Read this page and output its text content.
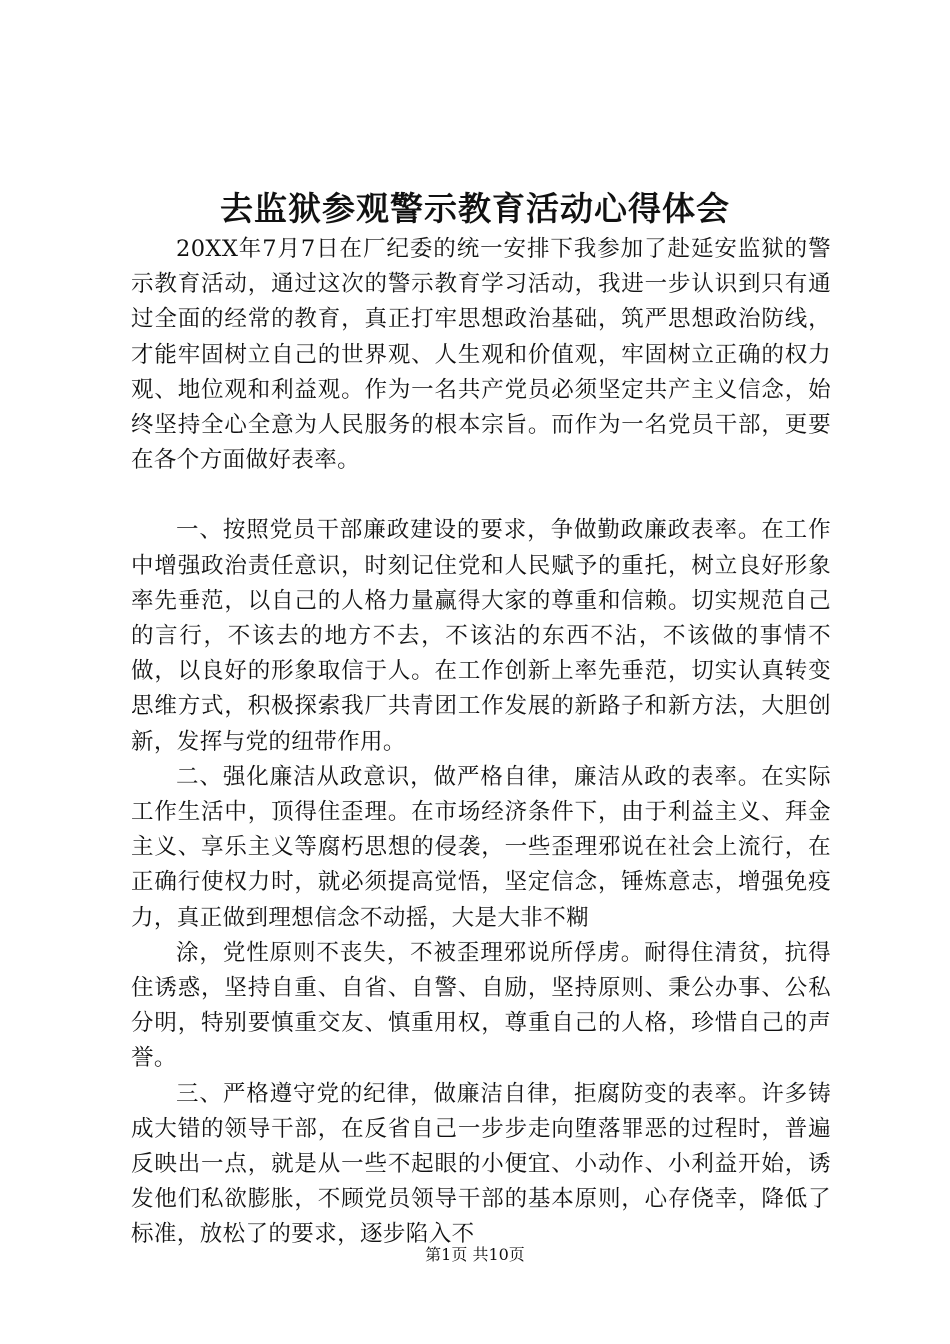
去监狱参观警示教育活动心得体会

20XX年7月7日在厂纪委的统一安排下我参加了赴延安监狱的警示教育活动，通过这次的警示教育学习活动，我进一步认识到只有通过全面的经常的教育，真正打牢思想政治基础，筑严思想政治防线，才能牢固树立自己的世界观、人生观和价值观，牢固树立正确的权力观、地位观和利益观。作为一名共产党员必须坚定共产主义信念，始终坚持全心全意为人民服务的根本宗旨。而作为一名党员干部，更要在各个方面做好表率。

一、按照党员干部廉政建设的要求，争做勤政廉政表率。在工作中增强政治责任意识，时刻记住党和人民赋予的重托，树立良好形象率先垂范，以自己的人格力量赢得大家的尊重和信赖。切实规范自己的言行，不该去的地方不去，不该沾的东西不沾，不该做的事情不做，以良好的形象取信于人。在工作创新上率先垂范，切实认真转变思维方式，积极探索我厂共青团工作发展的新路子和新方法，大胆创新，发挥与党的纽带作用。

二、强化廉洁从政意识，做严格自律，廉洁从政的表率。在实际工作生活中，顶得住歪理。在市场经济条件下，由于利益主义、拜金主义、享乐主义等腐朽思想的侵袭，一些歪理邪说在社会上流行，在正确行使权力时，就必须提高觉悟，坚定信念，锤炼意志，增强免疫力，真正做到理想信念不动摇，大是大非不糊

涂，党性原则不丧失，不被歪理邪说所俘虏。耐得住清贫，抗得住诱惑，坚持自重、自省、自警、自励，坚持原则、秉公办事、公私分明，特别要慎重交友、慎重用权，尊重自己的人格，珍惜自己的声誉。

三、严格遵守党的纪律，做廉洁自律，拒腐防变的表率。许多铸成大错的领导干部，在反省自己一步步走向堕落罪恶的过程时，普遍反映出一点，就是从一些不起眼的小便宜、小动作、小利益开始，诱发他们私欲膨胀，不顾党员领导干部的基本原则，心存侥幸，降低了标准，放松了的要求，逐步陷入不

第1页 共10页
